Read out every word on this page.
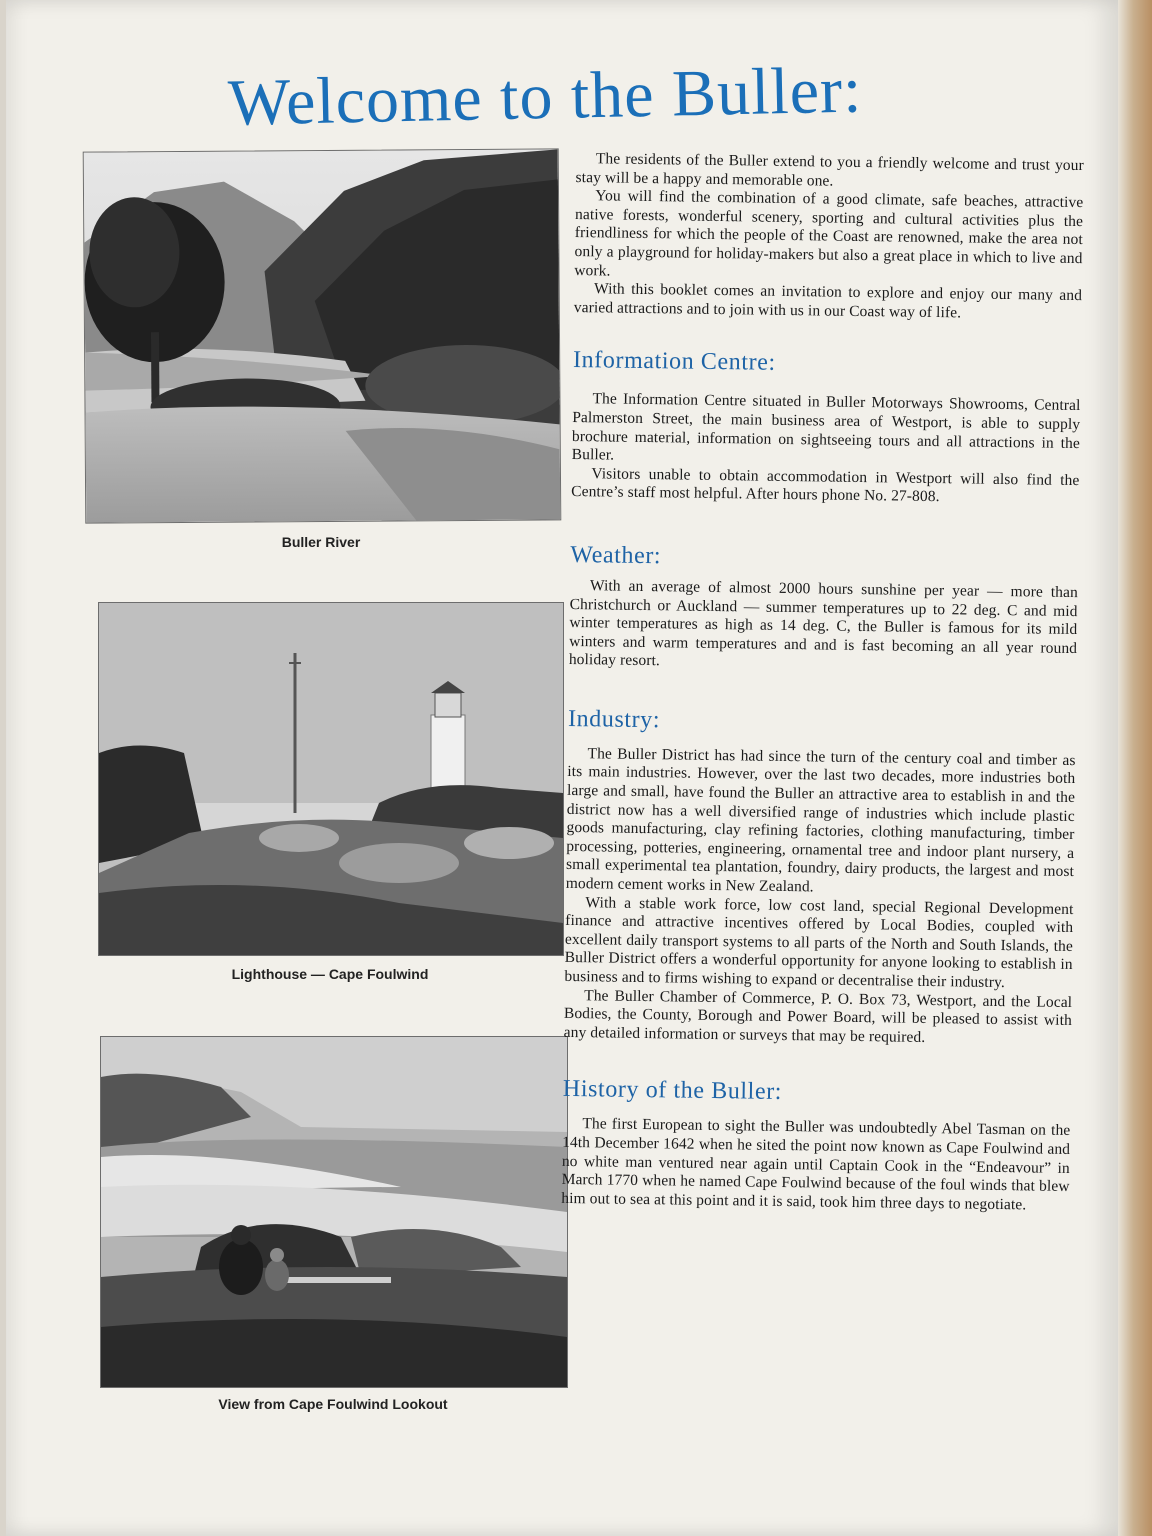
Welcome to the Buller:

Buller River

Lighthouse — Cape Foulwind

View from Cape Foulwind Lookout

The residents of the Buller extend to you a friendly welcome and trust your stay will be a happy and memorable one.

You will find the combination of a good climate, safe beaches, attractive native forests, wonderful scenery, sporting and cultural activities plus the friendliness for which the people of the Coast are renowned, make the area not only a playground for holiday-makers but also a great place in which to live and work.

With this booklet comes an invitation to explore and enjoy our many and varied attractions and to join with us in our Coast way of life.

Information Centre:

The Information Centre situated in Buller Motorways Showrooms, Central Palmerston Street, the main business area of Westport, is able to supply brochure material, information on sightseeing tours and all attractions in the Buller.

Visitors unable to obtain accommodation in Westport will also find the Centre’s staff most helpful. After hours phone No. 27-808.

Weather:

With an average of almost 2000 hours sunshine per year — more than Christchurch or Auckland — summer temperatures up to 22 deg. C and mid winter temperatures as high as 14 deg. C, the Buller is famous for its mild winters and warm temperatures and and is fast becoming an all year round holiday resort.

Industry:

The Buller District has had since the turn of the century coal and timber as its main industries. However, over the last two decades, more industries both large and small, have found the Buller an attractive area to establish in and the district now has a well diversified range of industries which include plastic goods manufacturing, clay refining factories, clothing manufacturing, timber processing, potteries, engineering, ornamental tree and indoor plant nursery, a small experimental tea plantation, foundry, dairy products, the largest and most modern cement works in New Zealand.

With a stable work force, low cost land, special Regional Development finance and attractive incentives offered by Local Bodies, coupled with excellent daily transport systems to all parts of the North and South Islands, the Buller District offers a wonderful opportunity for anyone looking to establish in business and to firms wishing to expand or decentralise their industry.

The Buller Chamber of Commerce, P. O. Box 73, Westport, and the Local Bodies, the County, Borough and Power Board, will be pleased to assist with any detailed information or surveys that may be required.

History of the Buller:

The first European to sight the Buller was undoubtedly Abel Tasman on the 14th December 1642 when he sited the point now known as Cape Foulwind and no white man ventured near again until Captain Cook in the “Endeavour” in March 1770 when he named Cape Foulwind because of the foul winds that blew him out to sea at this point and it is said, took him three days to negotiate.
